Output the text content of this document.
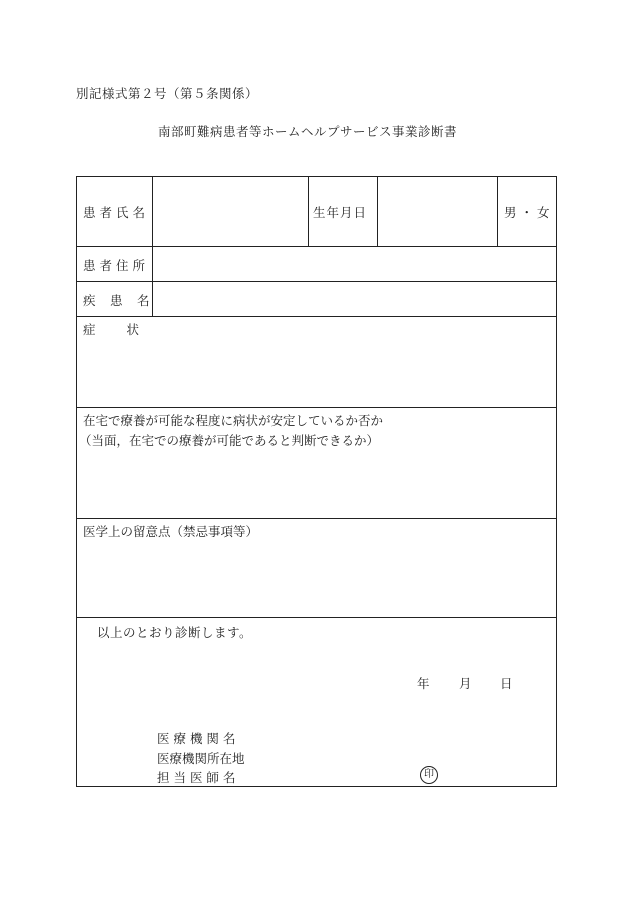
別記様式第２号（第５条関係）
南部町難病患者等ホームヘルプサービス事業診断書
患者氏名	生年月日	男 ・ 女
患者住所
疾　患　名
症　　状
在宅で療養が可能な程度に病状が安定しているか否か
（当面，在宅での療養が可能であると判断できるか）
医学上の留意点（禁忌事項等）
以上のとおり診断します。
年 月 日
医 療 機 関 名
医療機関所在地
担 当 医 師 名	印
